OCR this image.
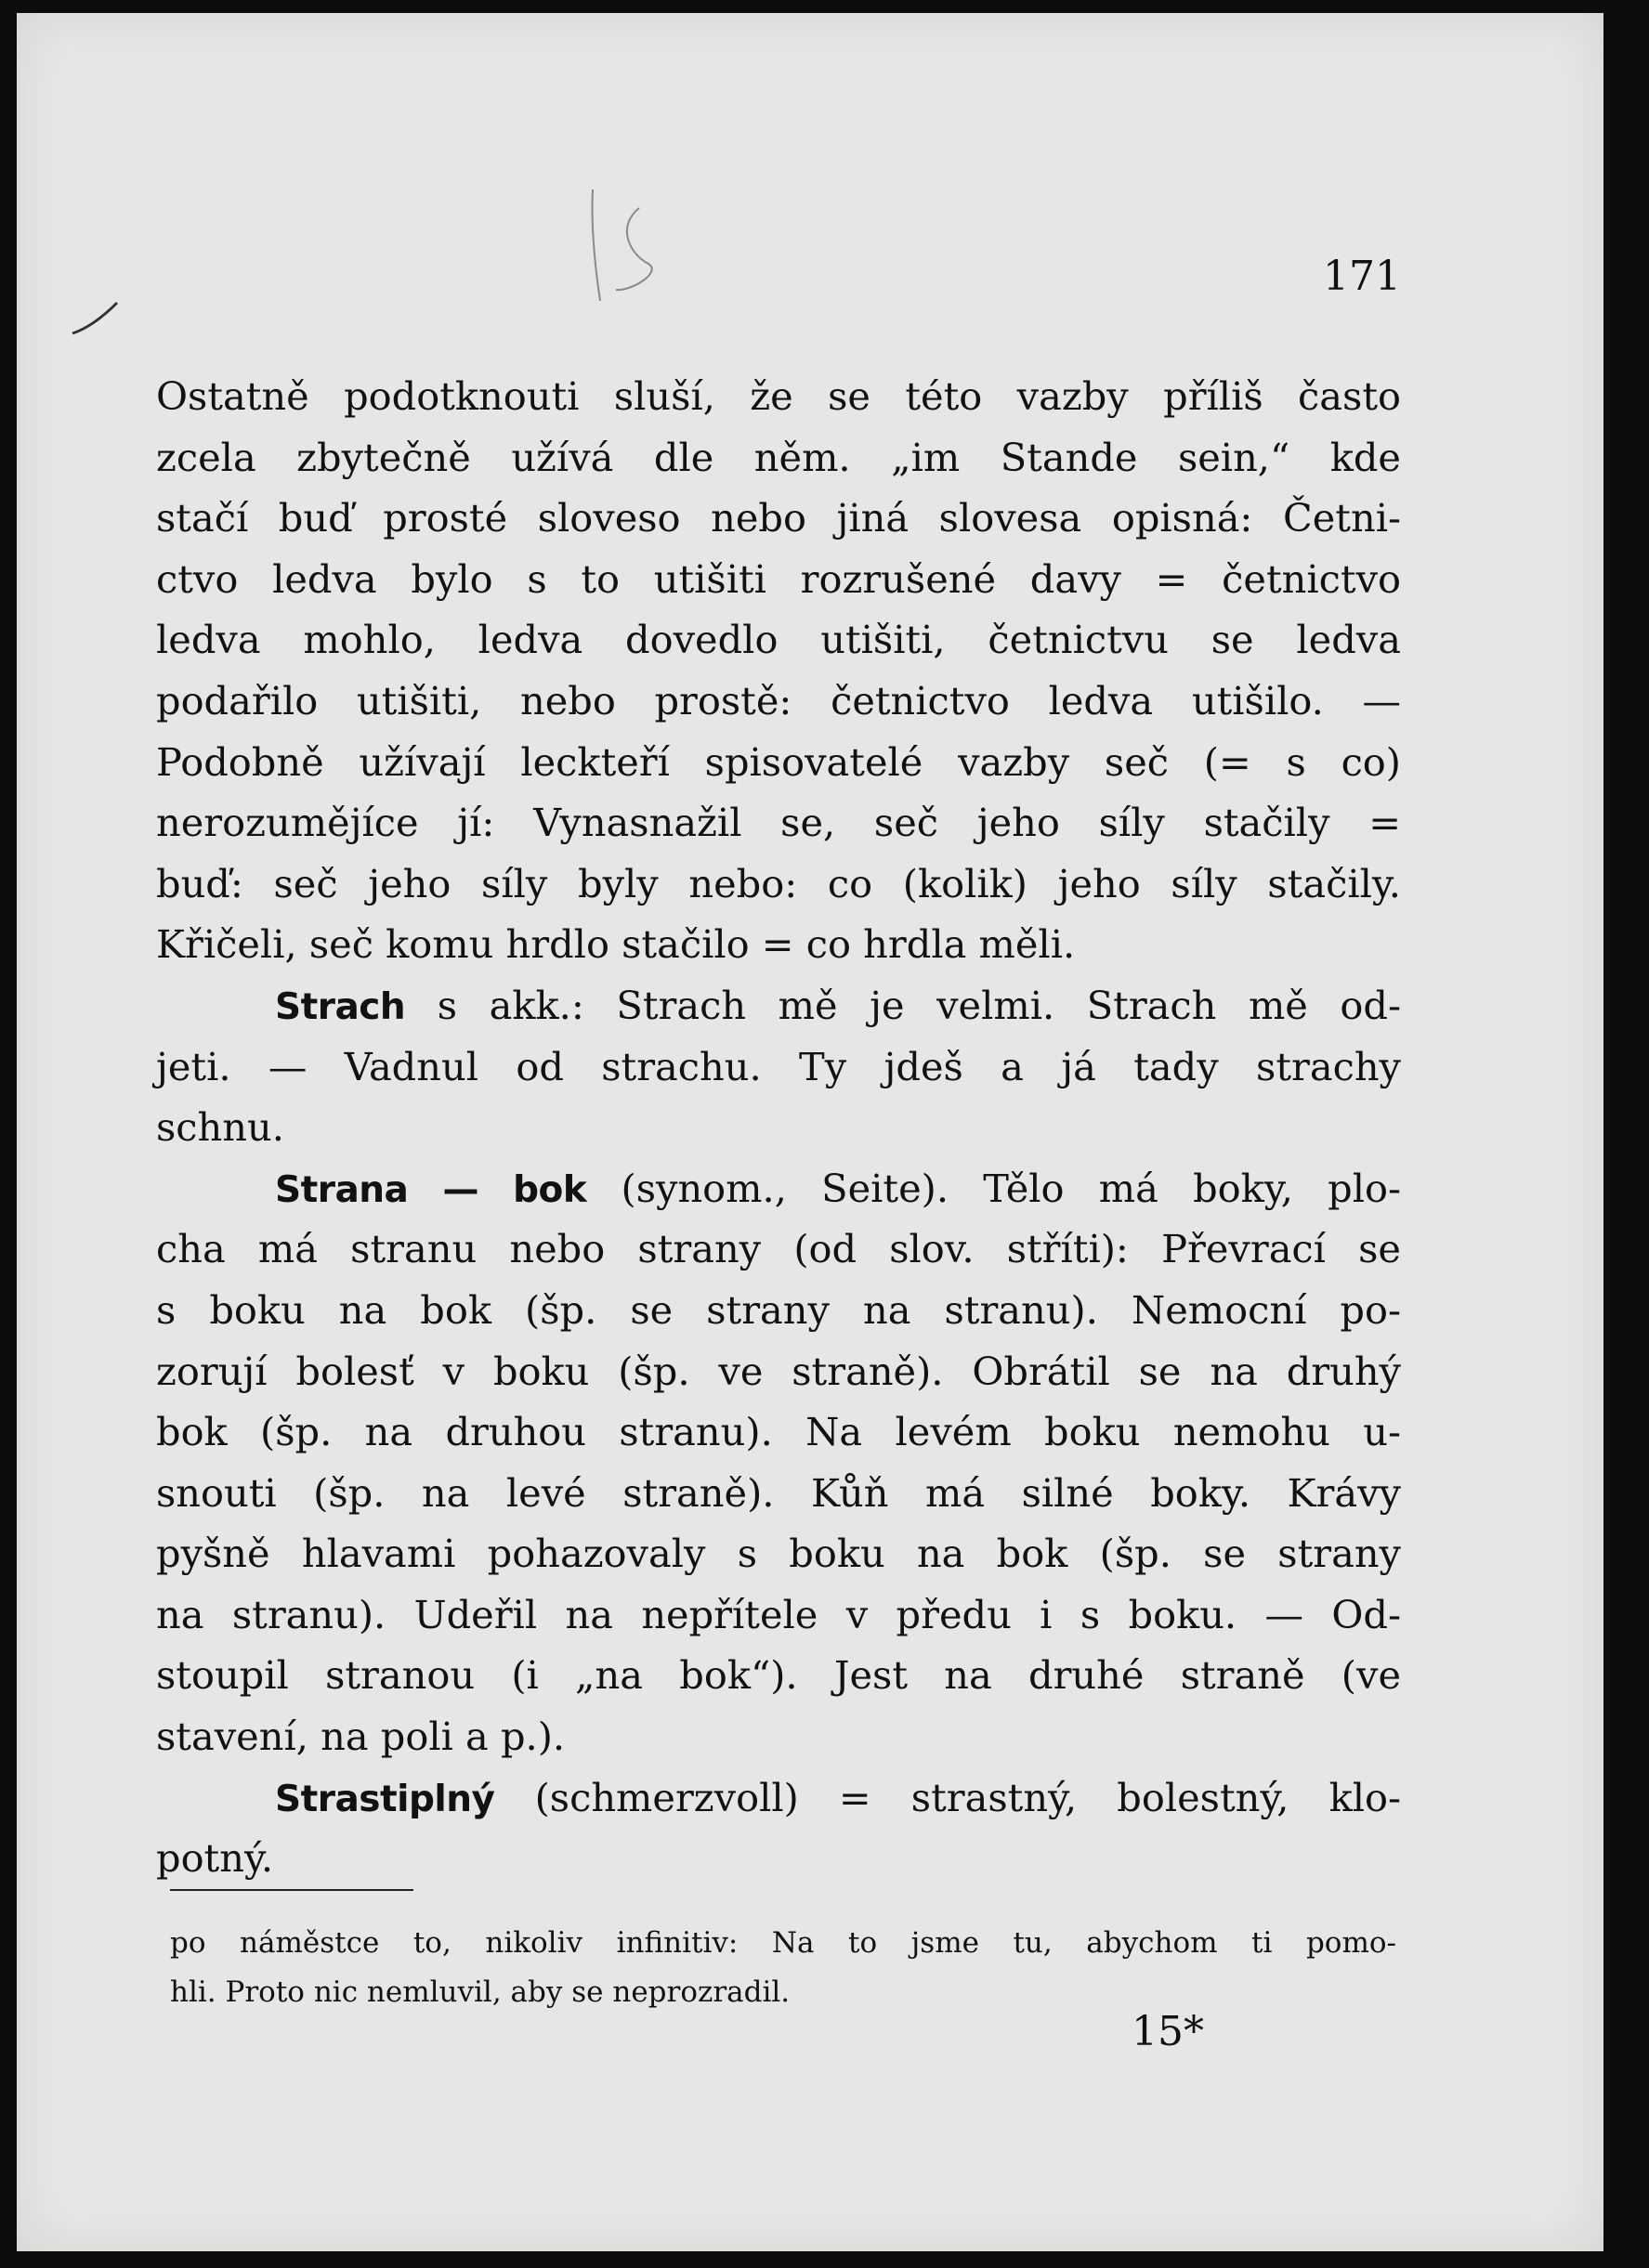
171
Ostatně podotknouti sluší, že se této vazby příliš často
zcela zbytečně užívá dle něm. „im Stande sein,“ kde
stačí buď prosté sloveso nebo jiná slovesa opisná: Četni-
ctvo ledva bylo s to utišiti rozrušené davy = četnictvo
ledva mohlo, ledva dovedlo utišiti, četnictvu se ledva
podařilo utišiti, nebo prostě: četnictvo ledva utišilo. —
Podobně užívají leckteří spisovatelé vazby sеč (= s co)
nerozumějíce jí: Vynasnažil se, seč jeho síly stačily =
buď: seč jeho síly byly nebo: co (kolik) jeho síly stačily.
Křičeli, seč komu hrdlo stačilo = co hrdla měli.
Strach s akk.: Strach mě je velmi. Strach mě od-
jeti. — Vadnul od strachu. Ty jdeš a já tady strachy
schnu.
Strana — bok (synom., Seite). Tělo má boky, plo-
cha má stranu nebo strany (od slov. stříti): Převrací se
s boku na bok (šp. se strany na stranu). Nemocní po-
zorují bolesť v boku (šp. ve straně). Obrátil se na druhý
bok (šp. na druhou stranu). Na levém boku nemohu u-
snouti (šp. na levé straně). Kůň má silné boky. Krávy
pyšně hlavami pohazovaly s boku na bok (šp. se strany
na stranu). Udeřil na nepřítele v předu i s boku. — Od-
stoupil stranou (i „na bok“). Jest na druhé straně (ve
stavení, na poli a p.).
Strastiplný (schmerzvoll) = strastný, bolestný, klo-
potný.
po náměstce to, nikoliv infinitiv: Na to jsme tu, abychom ti pomo-
hli. Proto nic nemluvil, aby se neprozradil.
15*
